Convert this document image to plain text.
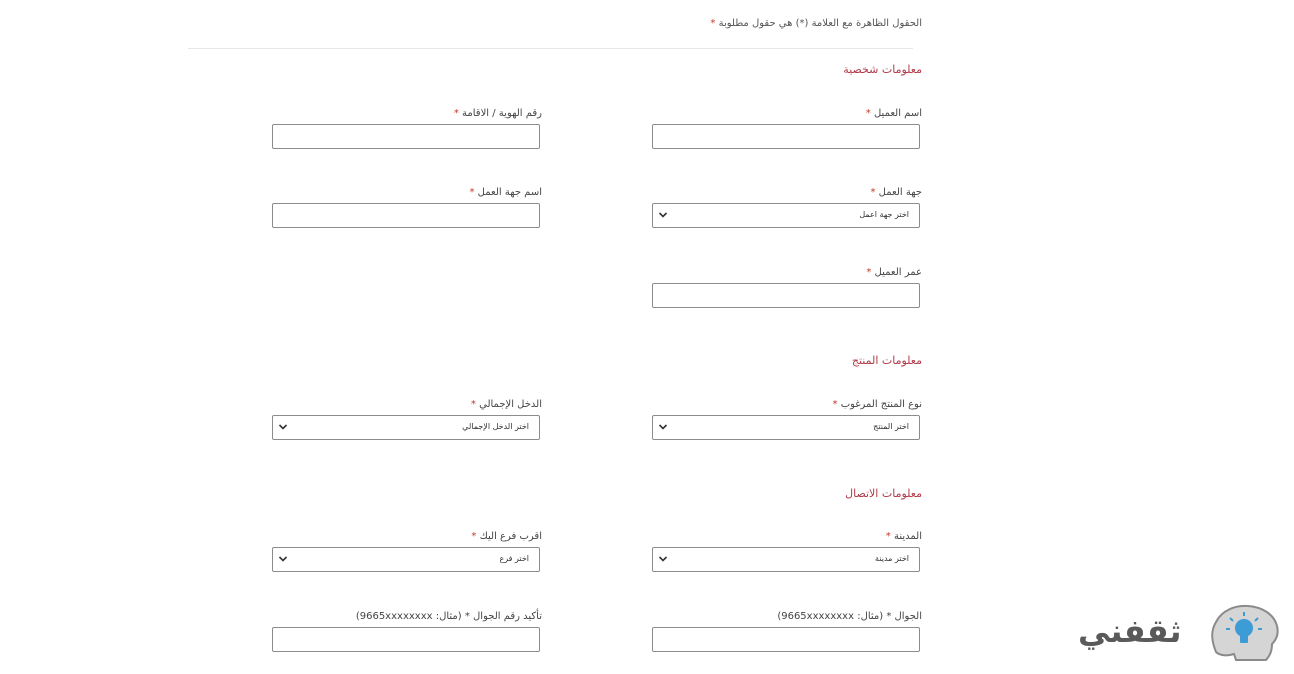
الحقول الظاهرة مع العلامة (*) هي حقول مطلوبة *
معلومات شخصية
اسم العميل *
رقم الهوية / الاقامة *
جهة العمل *
اختر جهة اعمل
اسم جهة العمل *
عمر العميل *
معلومات المنتج
نوع المنتج المرغوب *
اختر المنتج
الدخل الإجمالي *
اختر الدخل الإجمالي
معلومات الاتصال
المدينة *
اختر مدينة
اقرب فرع اليك *
اختر فرع
الجوال * (مثال: 9665xxxxxxxx)
تأكيد رقم الجوال * (مثال: 9665xxxxxxxx)	ثقفني
